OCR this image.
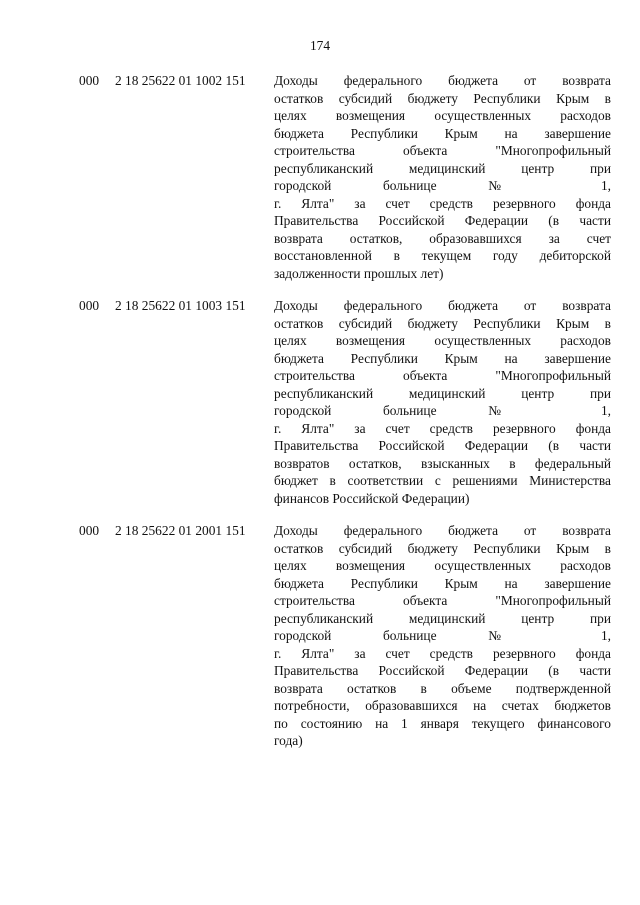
174
000 2 18 25622 01 1002 151 Доходы федерального бюджета от возврата
остатков субсидий бюджету Республики Крым в
целях возмещения осуществленных расходов
бюджета Республики Крым на завершение
строительства объекта "Многопрофильный
республиканский медицинский центр при
городской больнице № 1,
г. Ялта" за счет средств резервного фонда
Правительства Российской Федерации (в части
возврата остатков, образовавшихся за счет
восстановленной в текущем году дебиторской
задолженности прошлых лет)
000 2 18 25622 01 1003 151 Доходы федерального бюджета от возврата
остатков субсидий бюджету Республики Крым в
целях возмещения осуществленных расходов
бюджета Республики Крым на завершение
строительства объекта "Многопрофильный
республиканский медицинский центр при
городской больнице № 1,
г. Ялта" за счет средств резервного фонда
Правительства Российской Федерации (в части
возвратов остатков, взысканных в федеральный
бюджет в соответствии с решениями Министерства
финансов Российской Федерации)
000 2 18 25622 01 2001 151 Доходы федерального бюджета от возврата
остатков субсидий бюджету Республики Крым в
целях возмещения осуществленных расходов
бюджета Республики Крым на завершение
строительства объекта "Многопрофильный
республиканский медицинский центр при
городской больнице № 1,
г. Ялта" за счет средств резервного фонда
Правительства Российской Федерации (в части
возврата остатков в объеме подтвержденной
потребности, образовавшихся на счетах бюджетов
по состоянию на 1 января текущего финансового
года)
